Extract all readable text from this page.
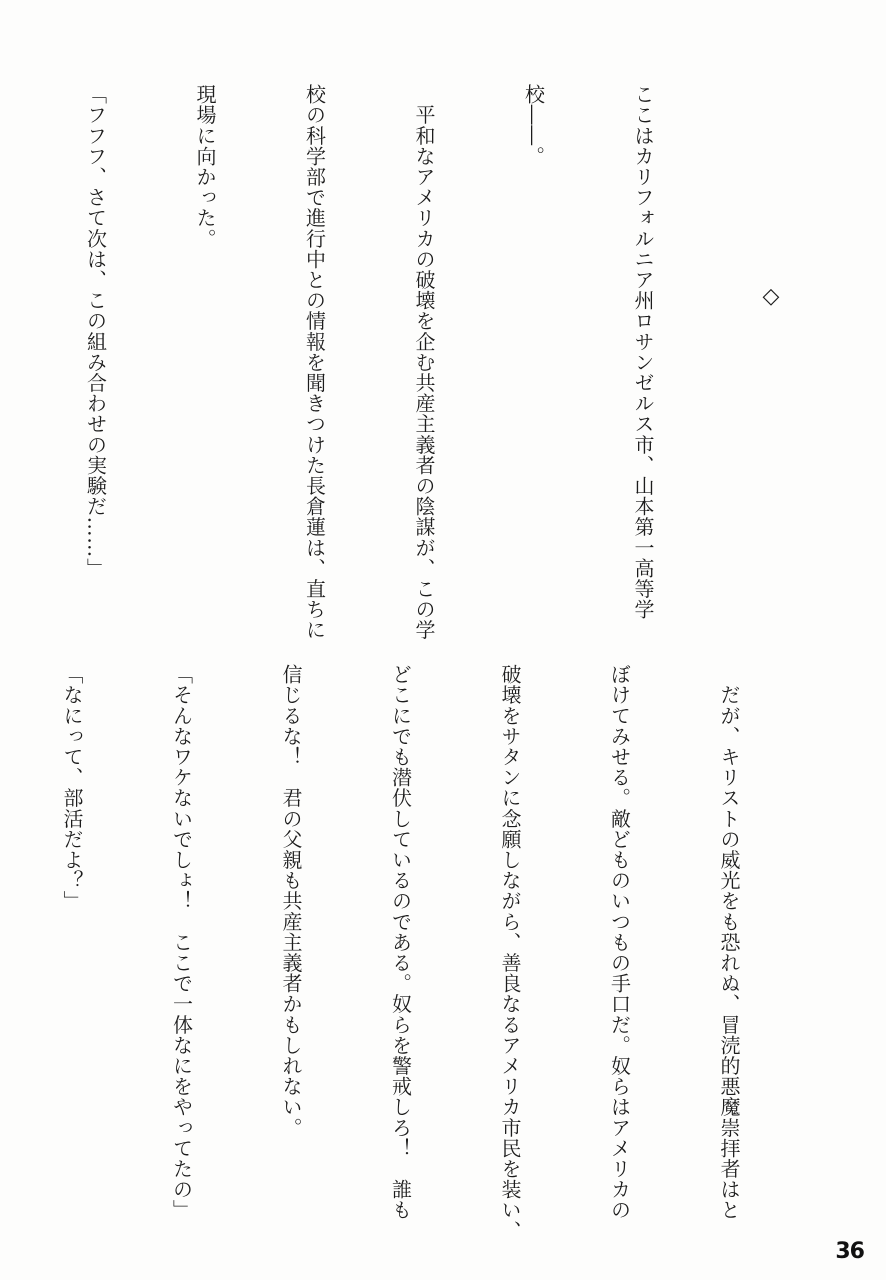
ここはカリフォルニア州ロサンゼルス市、山本第一高等学

校――。

　平和なアメリカの破壊を企む共産主義者の陰謀が、この学

校の科学部で進行中との情報を聞きつけた長倉蓮は、直ちに

現場に向かった。

「フフフ、さて次は、この組み合わせの実験だ……」

	◇

　だが、キリストの威光をも恐れぬ、冒涜的悪魔崇拝者はと

ぼけてみせる。敵どものいつもの手口だ。奴らはアメリカの

破壊をサタンに念願しながら、善良なるアメリカ市民を装い、

どこにでも潜伏しているのである。奴らを警戒しろ！　誰も

信じるな！　君の父親も共産主義者かもしれない。

「そんなワケないでしょ！　ここで一体なにをやってたの」

「なにって、部活だよ？」

36
